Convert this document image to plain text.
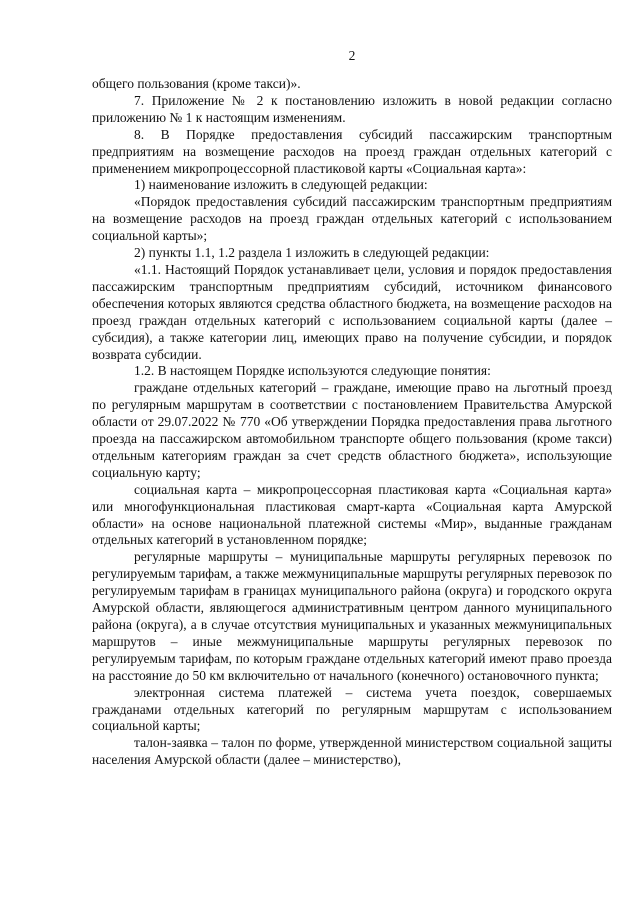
2

общего пользования (кроме такси)».

7. Приложение № 2 к постановлению изложить в новой редакции согласно приложению № 1 к настоящим изменениям.

8. В Порядке предоставления субсидий пассажирским транспортным предприятиям на возмещение расходов на проезд граждан отдельных категорий с применением микропроцессорной пластиковой карты «Социальная карта»:

1) наименование изложить в следующей редакции:

«Порядок предоставления субсидий пассажирским транспортным предприятиям на возмещение расходов на проезд граждан отдельных категорий с использованием социальной карты»;

2) пункты 1.1, 1.2 раздела 1 изложить в следующей редакции:

«1.1. Настоящий Порядок устанавливает цели, условия и порядок предоставления пассажирским транспортным предприятиям субсидий, источником финансового обеспечения которых являются средства областного бюджета, на возмещение расходов на проезд граждан отдельных категорий с использованием социальной карты (далее – субсидия), а также категории лиц, имеющих право на получение субсидии, и порядок возврата субсидии.

1.2. В настоящем Порядке используются следующие понятия:

граждане отдельных категорий – граждане, имеющие право на льготный проезд по регулярным маршрутам в соответствии с постановлением Правительства Амурской области от 29.07.2022 № 770 «Об утверждении Порядка предоставления права льготного проезда на пассажирском автомобильном транспорте общего пользования (кроме такси) отдельным категориям граждан за счет средств областного бюджета», использующие социальную карту;

социальная карта – микропроцессорная пластиковая карта «Социальная карта» или многофункциональная пластиковая смарт-карта «Социальная карта Амурской области» на основе национальной платежной системы «Мир», выданные гражданам отдельных категорий в установленном порядке;

регулярные маршруты – муниципальные маршруты регулярных перевозок по регулируемым тарифам, а также межмуниципальные маршруты регулярных перевозок по регулируемым тарифам в границах муниципального района (округа) и городского округа Амурской области, являющегося административным центром данного муниципального района (округа), а в случае отсутствия муниципальных и указанных межмуниципальных маршрутов – иные межмуниципальные маршруты регулярных перевозок по регулируемым тарифам, по которым граждане отдельных категорий имеют право проезда на расстояние до 50 км включительно от начального (конечного) остановочного пункта;

электронная система платежей – система учета поездок, совершаемых гражданами отдельных категорий по регулярным маршрутам с использованием социальной карты;

талон-заявка – талон по форме, утвержденной министерством социальной защиты населения Амурской области (далее – министерство),
